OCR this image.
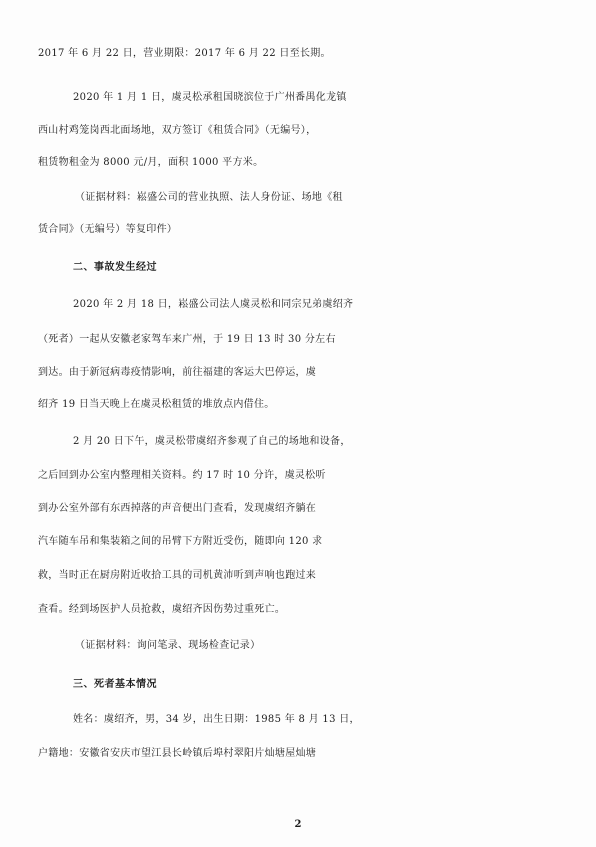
2017 年 6 月 22 日，营业期限：2017 年 6 月 22 日至长期。
2020 年 1 月 1 日，虞灵松承租国晓滨位于广州番禺化龙镇
西山村鸡笼岗西北面场地，双方签订《租赁合同》（无编号），
租赁物租金为 8000 元/月，面积 1000 平方米。
（证据材料：崧盛公司的营业执照、法人身份证、场地《租
赁合同》（无编号）等复印件）
二、事故发生经过
2020 年 2 月 18 日，崧盛公司法人虞灵松和同宗兄弟虞绍齐
（死者）一起从安徽老家驾车来广州，于 19 日 13 时 30 分左右
到达。由于新冠病毒疫情影响，前往福建的客运大巴停运，虞
绍齐 19 日当天晚上在虞灵松租赁的堆放点内借住。
2 月 20 日下午，虞灵松带虞绍齐参观了自己的场地和设备，
之后回到办公室内整理相关资料。约 17 时 10 分许，虞灵松听
到办公室外部有东西掉落的声音便出门查看，发现虞绍齐躺在
汽车随车吊和集装箱之间的吊臂下方附近受伤，随即向 120 求
救，当时正在厨房附近收拾工具的司机黄沛听到声响也跑过来
查看。经到场医护人员抢救，虞绍齐因伤势过重死亡。
（证据材料：询问笔录、现场检查记录）
三、死者基本情况
姓名：虞绍齐，男，34 岁，出生日期：1985 年 8 月 13 日，
户籍地：安徽省安庆市望江县长岭镇后埠村翠阳片灿塘屋灿塘
2
